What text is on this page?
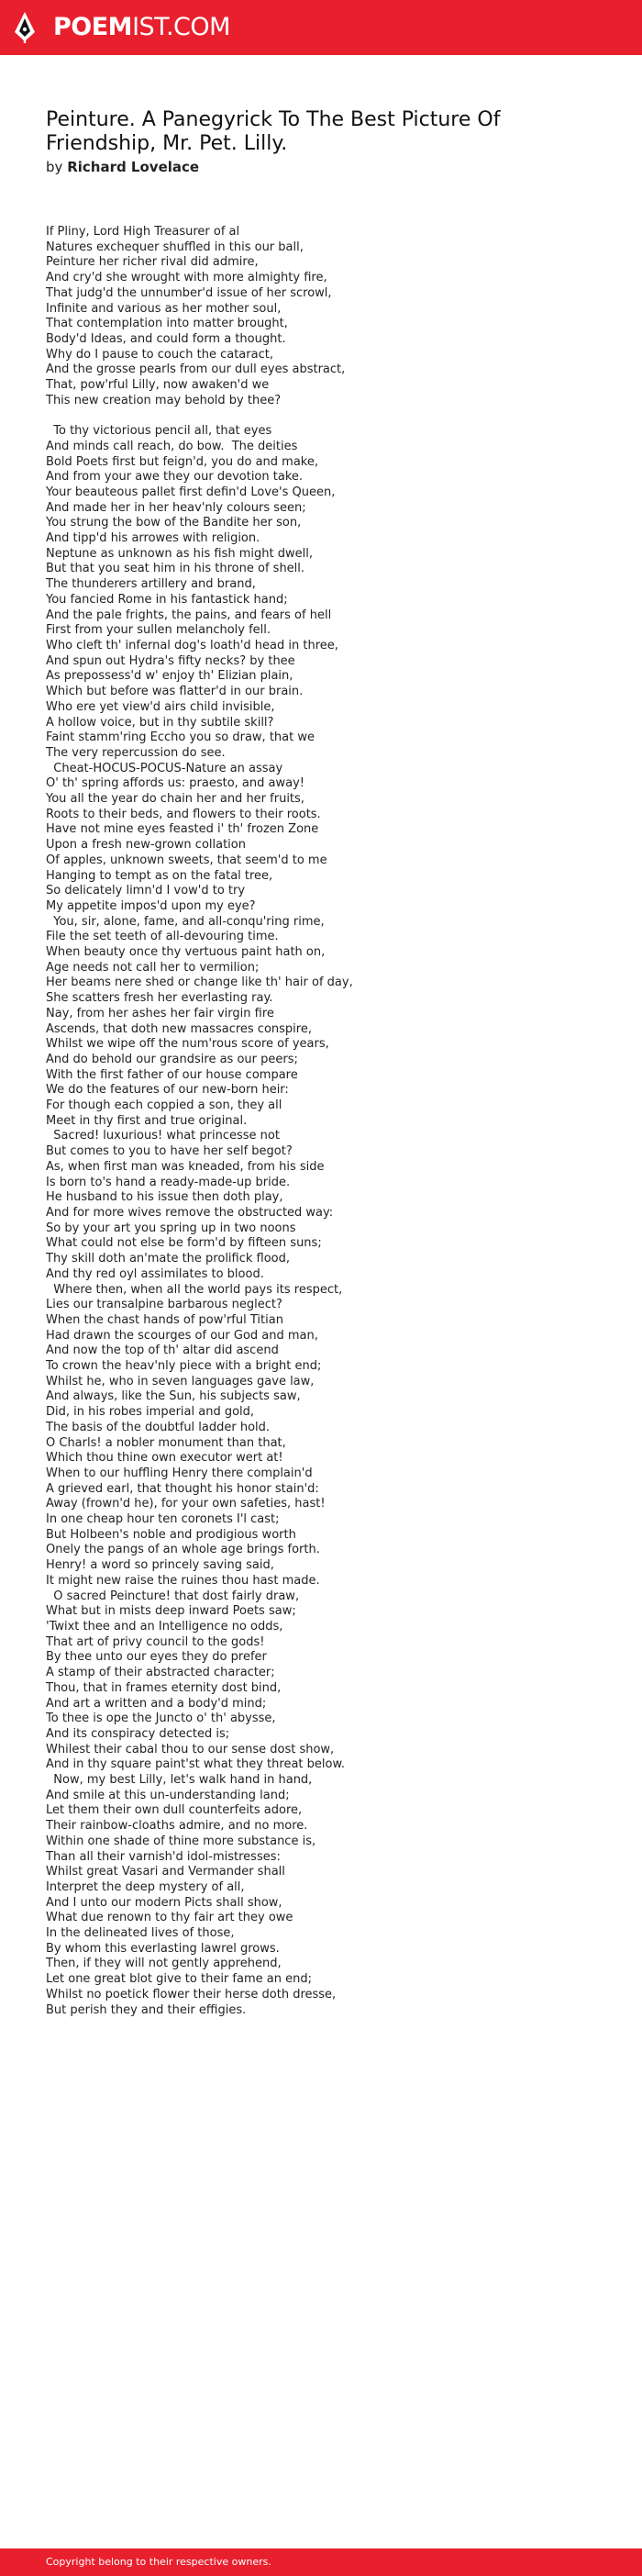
POEMIST.COM
Peinture. A Panegyrick To The Best Picture Of Friendship, Mr. Pet. Lilly.
by Richard Lovelace
If Pliny, Lord High Treasurer of al
Natures exchequer shuffled in this our ball,
Peinture her richer rival did admire,
And cry'd she wrought with more almighty fire,
That judg'd the unnumber'd issue of her scrowl,
Infinite and various as her mother soul,
That contemplation into matter brought,
Body'd Ideas, and could form a thought.
Why do I pause to couch the cataract,
And the grosse pearls from our dull eyes abstract,
That, pow'rful Lilly, now awaken'd we
This new creation may behold by thee?

To thy victorious pencil all, that eyes
And minds call reach, do bow.  The deities
Bold Poets first but feign'd, you do and make,
And from your awe they our devotion take.
Your beauteous pallet first defin'd Love's Queen,
And made her in her heav'nly colours seen;
You strung the bow of the Bandite her son,
And tipp'd his arrowes with religion.
Neptune as unknown as his fish might dwell,
But that you seat him in his throne of shell.
The thunderers artillery and brand,
You fancied Rome in his fantastick hand;
And the pale frights, the pains, and fears of hell
First from your sullen melancholy fell.
Who cleft th' infernal dog's loath'd head in three,
And spun out Hydra's fifty necks? by thee
As prepossess'd w' enjoy th' Elizian plain,
Which but before was flatter'd in our brain.
Who ere yet view'd airs child invisible,
A hollow voice, but in thy subtile skill?
Faint stamm'ring Eccho you so draw, that we
The very repercussion do see.
Cheat-HOCUS-POCUS-Nature an assay
O' th' spring affords us: praesto, and away!
You all the year do chain her and her fruits,
Roots to their beds, and flowers to their roots.
Have not mine eyes feasted i' th' frozen Zone
Upon a fresh new-grown collation
Of apples, unknown sweets, that seem'd to me
Hanging to tempt as on the fatal tree,
So delicately limn'd I vow'd to try
My appetite impos'd upon my eye?
You, sir, alone, fame, and all-conqu'ring rime,
File the set teeth of all-devouring time.
When beauty once thy vertuous paint hath on,
Age needs not call her to vermilion;
Her beams nere shed or change like th' hair of day,
She scatters fresh her everlasting ray.
Nay, from her ashes her fair virgin fire
Ascends, that doth new massacres conspire,
Whilst we wipe off the num'rous score of years,
And do behold our grandsire as our peers;
With the first father of our house compare
We do the features of our new-born heir:
For though each coppied a son, they all
Meet in thy first and true original.
Sacred! luxurious! what princesse not
But comes to you to have her self begot?
As, when first man was kneaded, from his side
Is born to's hand a ready-made-up bride.
He husband to his issue then doth play,
And for more wives remove the obstructed way:
So by your art you spring up in two noons
What could not else be form'd by fifteen suns;
Thy skill doth an'mate the prolifick flood,
And thy red oyl assimilates to blood.
Where then, when all the world pays its respect,
Lies our transalpine barbarous neglect?
When the chast hands of pow'rful Titian
Had drawn the scourges of our God and man,
And now the top of th' altar did ascend
To crown the heav'nly piece with a bright end;
Whilst he, who in seven languages gave law,
And always, like the Sun, his subjects saw,
Did, in his robes imperial and gold,
The basis of the doubtful ladder hold.
O Charls! a nobler monument than that,
Which thou thine own executor wert at!
When to our huffling Henry there complain'd
A grieved earl, that thought his honor stain'd:
Away (frown'd he), for your own safeties, hast!
In one cheap hour ten coronets I'l cast;
But Holbeen's noble and prodigious worth
Onely the pangs of an whole age brings forth.
Henry! a word so princely saving said,
It might new raise the ruines thou hast made.
O sacred Peincture! that dost fairly draw,
What but in mists deep inward Poets saw;
'Twixt thee and an Intelligence no odds,
That art of privy council to the gods!
By thee unto our eyes they do prefer
A stamp of their abstracted character;
Thou, that in frames eternity dost bind,
And art a written and a body'd mind;
To thee is ope the Juncto o' th' abysse,
And its conspiracy detected is;
Whilest their cabal thou to our sense dost show,
And in thy square paint'st what they threat below.
Now, my best Lilly, let's walk hand in hand,
And smile at this un-understanding land;
Let them their own dull counterfeits adore,
Their rainbow-cloaths admire, and no more.
Within one shade of thine more substance is,
Than all their varnish'd idol-mistresses:
Whilst great Vasari and Vermander shall
Interpret the deep mystery of all,
And I unto our modern Picts shall show,
What due renown to thy fair art they owe
In the delineated lives of those,
By whom this everlasting lawrel grows.
Then, if they will not gently apprehend,
Let one great blot give to their fame an end;
Whilst no poetick flower their herse doth dresse,
But perish they and their effigies.
Copyright belong to their respective owners.
